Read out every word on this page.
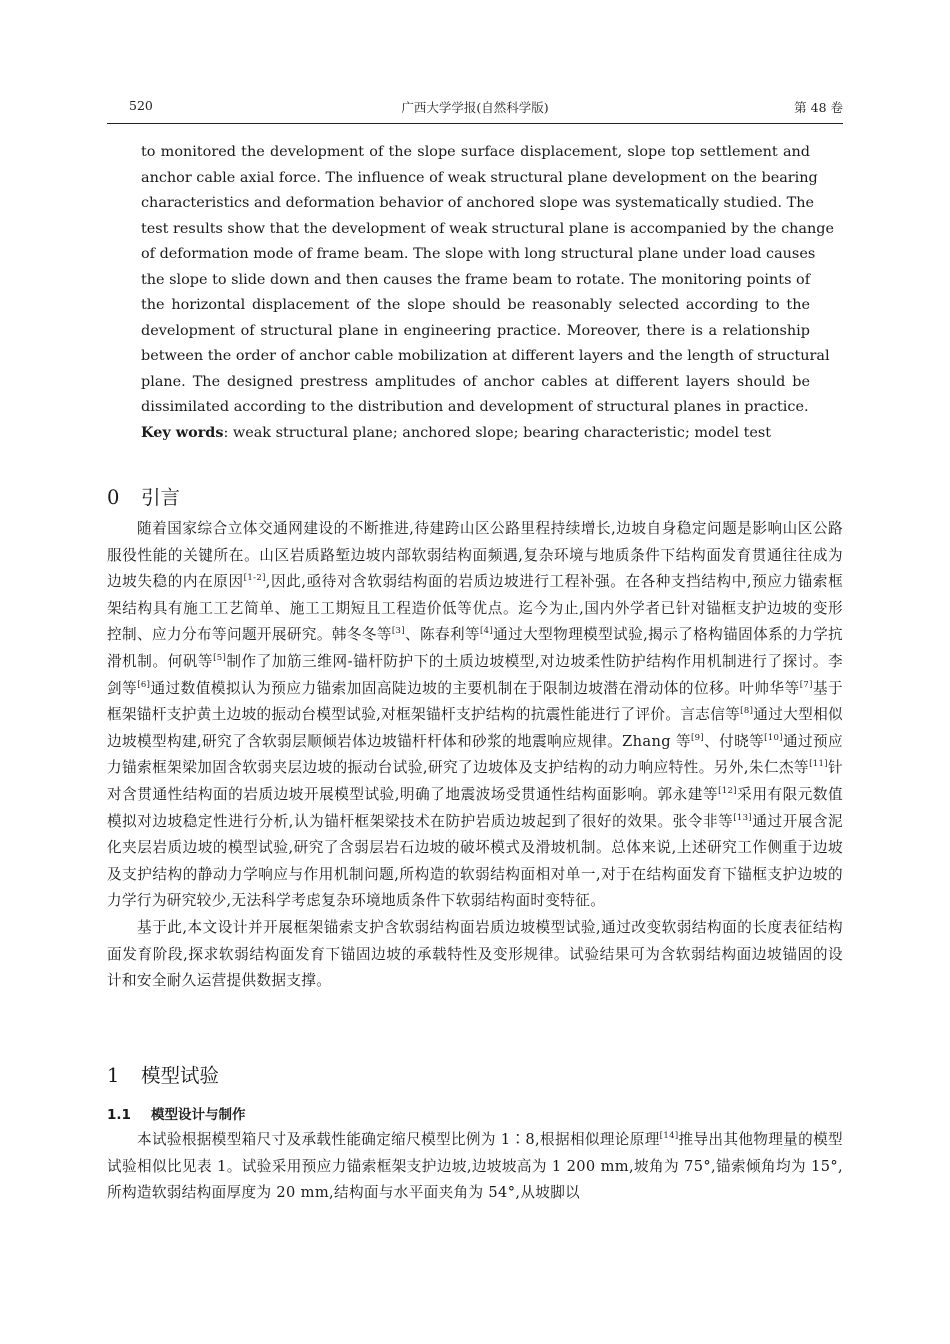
520	广西大学学报(自然科学版)	第 48 卷
to monitored the development of the slope surface displacement, slope top settlement and
anchor cable axial force. The influence of weak structural plane development on the bearing
characteristics and deformation behavior of anchored slope was systematically studied. The
test results show that the development of weak structural plane is accompanied by the change
of deformation mode of frame beam. The slope with long structural plane under load causes
the slope to slide down and then causes the frame beam to rotate. The monitoring points of
the horizontal displacement of the slope should be reasonably selected according to the
development of structural plane in engineering practice. Moreover, there is a relationship
between the order of anchor cable mobilization at different layers and the length of structural
plane. The designed prestress amplitudes of anchor cables at different layers should be
dissimilated according to the distribution and development of structural planes in practice.
Key words: weak structural plane; anchored slope; bearing characteristic; model test
0 引言

随着国家综合立体交通网建设的不断推进,待建跨山区公路里程持续增长,边坡自身稳定问题是影响山区公路服役性能的关键所在。山区岩质路堑边坡内部软弱结构面频遇,复杂环境与地质条件下结构面发育贯通往往成为边坡失稳的内在原因[1-2],因此,亟待对含软弱结构面的岩质边坡进行工程补强。在各种支挡结构中,预应力锚索框架结构具有施工工艺简单、施工工期短且工程造价低等优点。迄今为止,国内外学者已针对锚框支护边坡的变形控制、应力分布等问题开展研究。韩冬冬等[3]、陈春利等[4]通过大型物理模型试验,揭示了格构锚固体系的力学抗滑机制。何矾等[5]制作了加筋三维网-锚杆防护下的土质边坡模型,对边坡柔性防护结构作用机制进行了探讨。李剑等[6]通过数值模拟认为预应力锚索加固高陡边坡的主要机制在于限制边坡潜在滑动体的位移。叶帅华等[7]基于框架锚杆支护黄土边坡的振动台模型试验,对框架锚杆支护结构的抗震性能进行了评价。言志信等[8]通过大型相似边坡模型构建,研究了含软弱层顺倾岩体边坡锚杆杆体和砂浆的地震响应规律。Zhang 等[9]、付晓等[10]通过预应力锚索框架梁加固含软弱夹层边坡的振动台试验,研究了边坡体及支护结构的动力响应特性。另外,朱仁杰等[11]针对含贯通性结构面的岩质边坡开展模型试验,明确了地震波场受贯通性结构面影响。郭永建等[12]采用有限元数值模拟对边坡稳定性进行分析,认为锚杆框架梁技术在防护岩质边坡起到了很好的效果。张令非等[13]通过开展含泥化夹层岩质边坡的模型试验,研究了含弱层岩石边坡的破坏模式及滑坡机制。总体来说,上述研究工作侧重于边坡及支护结构的静动力学响应与作用机制问题,所构造的软弱结构面相对单一,对于在结构面发育下锚框支护边坡的力学行为研究较少,无法科学考虑复杂环境地质条件下软弱结构面时变特征。

基于此,本文设计并开展框架锚索支护含软弱结构面岩质边坡模型试验,通过改变软弱结构面的长度表征结构面发育阶段,探求软弱结构面发育下锚固边坡的承载特性及变形规律。试验结果可为含软弱结构面边坡锚固的设计和安全耐久运营提供数据支撑。

1 模型试验
1.1 模型设计与制作

本试验根据模型箱尺寸及承载性能确定缩尺模型比例为 1∶8,根据相似理论原理[14]推导出其他物理量的模型试验相似比见表 1。试验采用预应力锚索框架支护边坡,边坡坡高为 1 200 mm,坡角为 75°,锚索倾角均为 15°,所构造软弱结构面厚度为 20 mm,结构面与水平面夹角为 54°,从坡脚以
